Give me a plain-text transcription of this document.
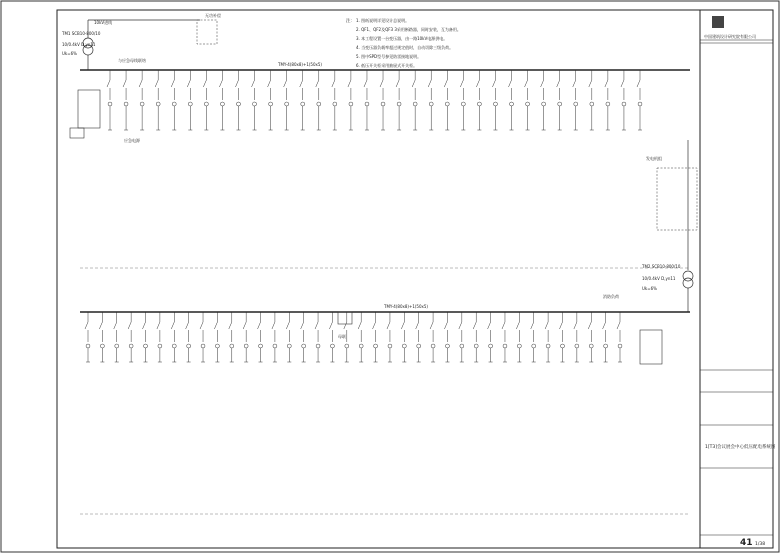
中国建筑设计研究院有限公司
1[T3]会议展会中心低压配电系统图
41 1/38
注： 1. 图纸说明详见设计总说明。
2. QF1、QF2及QF3 3采用断路器，同时安装，互为备用。
3. 本工程设置一台变压器，由一路10kV电源供电。
4. 当变压器负载率超过规定值时，自动切除三级负荷。
5. 图中SPD型号参见防雷接地说明。
6. 低压开关柜采用抽屉式开关柜。
TM1 SCB10-800/10
10/0.4kV D,yn11
Uk=6%
10kV进线
应急电源
无功补偿
TMY-4(80x8)+1(50x5)
与应急母线联络
发电机组
TM2 SCB10-800/10
10/0.4kV D,yn11
Uk=6%
消防负荷
TMY-4(80x8)+1(50x5)
母联
